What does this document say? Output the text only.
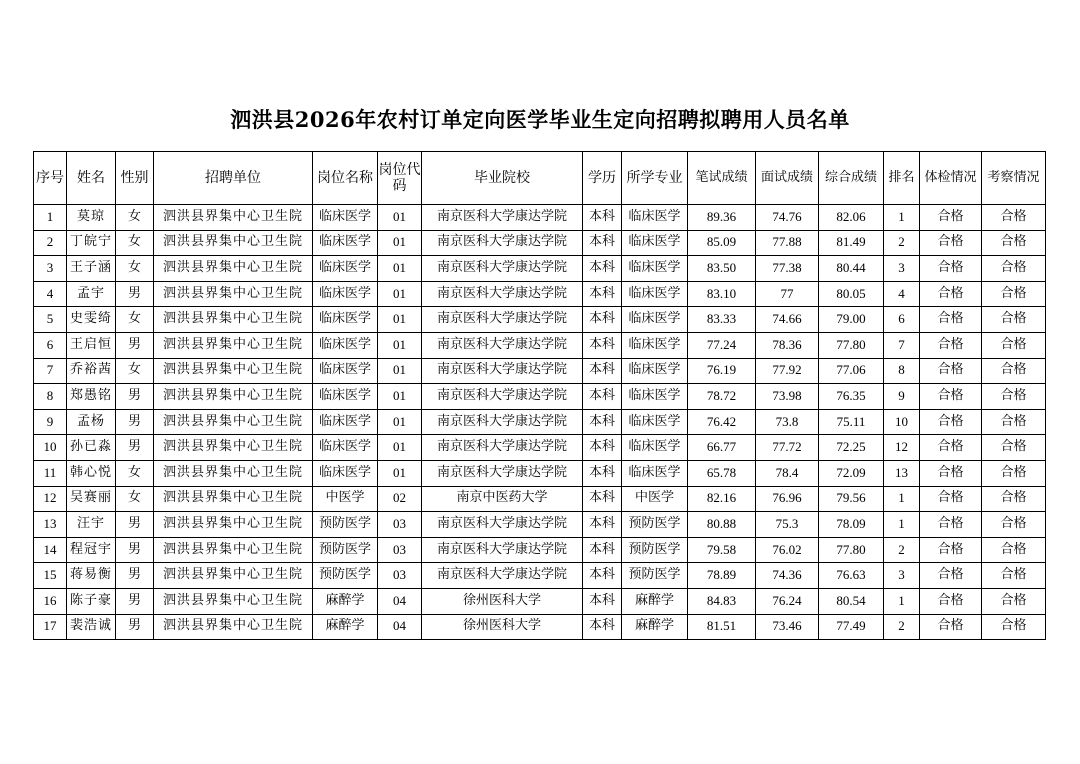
泗洪县2026年农村订单定向医学毕业生定向招聘拟聘用人员名单
序号	姓名	性别	招聘单位	岗位名称	岗位代码	毕业院校	学历	所学专业	笔试成绩	面试成绩	综合成绩	排名	体检情况	考察情况
1	莫琼	女	泗洪县界集中心卫生院	临床医学	01	南京医科大学康达学院	本科	临床医学	89.36	74.76	82.06	1	合格	合格
2	丁皖宁	女	泗洪县界集中心卫生院	临床医学	01	南京医科大学康达学院	本科	临床医学	85.09	77.88	81.49	2	合格	合格
3	王子涵	女	泗洪县界集中心卫生院	临床医学	01	南京医科大学康达学院	本科	临床医学	83.50	77.38	80.44	3	合格	合格
4	孟宇	男	泗洪县界集中心卫生院	临床医学	01	南京医科大学康达学院	本科	临床医学	83.10	77	80.05	4	合格	合格
5	史雯绮	女	泗洪县界集中心卫生院	临床医学	01	南京医科大学康达学院	本科	临床医学	83.33	74.66	79.00	6	合格	合格
6	王启恒	男	泗洪县界集中心卫生院	临床医学	01	南京医科大学康达学院	本科	临床医学	77.24	78.36	77.80	7	合格	合格
7	乔裕茜	女	泗洪县界集中心卫生院	临床医学	01	南京医科大学康达学院	本科	临床医学	76.19	77.92	77.06	8	合格	合格
8	郑愚铭	男	泗洪县界集中心卫生院	临床医学	01	南京医科大学康达学院	本科	临床医学	78.72	73.98	76.35	9	合格	合格
9	孟杨	男	泗洪县界集中心卫生院	临床医学	01	南京医科大学康达学院	本科	临床医学	76.42	73.8	75.11	10	合格	合格
10	孙已淼	男	泗洪县界集中心卫生院	临床医学	01	南京医科大学康达学院	本科	临床医学	66.77	77.72	72.25	12	合格	合格
11	韩心悦	女	泗洪县界集中心卫生院	临床医学	01	南京医科大学康达学院	本科	临床医学	65.78	78.4	72.09	13	合格	合格
12	吴赛丽	女	泗洪县界集中心卫生院	中医学	02	南京中医药大学	本科	中医学	82.16	76.96	79.56	1	合格	合格
13	汪宇	男	泗洪县界集中心卫生院	预防医学	03	南京医科大学康达学院	本科	预防医学	80.88	75.3	78.09	1	合格	合格
14	程冠宇	男	泗洪县界集中心卫生院	预防医学	03	南京医科大学康达学院	本科	预防医学	79.58	76.02	77.80	2	合格	合格
15	蒋易衡	男	泗洪县界集中心卫生院	预防医学	03	南京医科大学康达学院	本科	预防医学	78.89	74.36	76.63	3	合格	合格
16	陈子豪	男	泗洪县界集中心卫生院	麻醉学	04	徐州医科大学	本科	麻醉学	84.83	76.24	80.54	1	合格	合格
17	裴浩诚	男	泗洪县界集中心卫生院	麻醉学	04	徐州医科大学	本科	麻醉学	81.51	73.46	77.49	2	合格	合格
